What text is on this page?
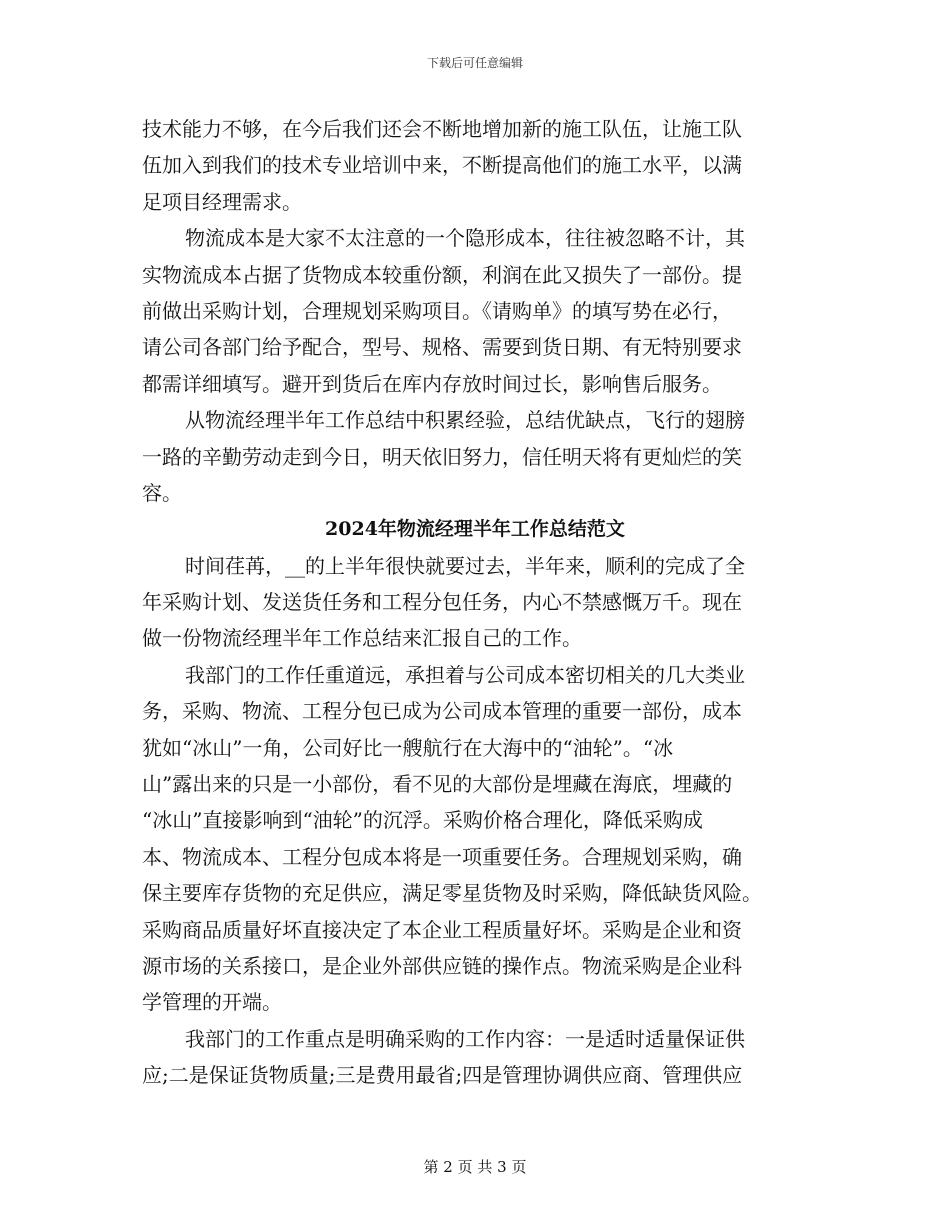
下载后可任意编辑
技术能力不够，在今后我们还会不断地增加新的施工队伍，让施工队
伍加入到我们的技术专业培训中来，不断提高他们的施工水平，以满
足项目经理需求。
物流成本是大家不太注意的一个隐形成本，往往被忽略不计，其
实物流成本占据了货物成本较重份额，利润在此又损失了一部份。提
前做出采购计划，合理规划采购项目。《请购单》的填写势在必行，
请公司各部门给予配合，型号、规格、需要到货日期、有无特别要求
都需详细填写。避开到货后在库内存放时间过长，影响售后服务。
从物流经理半年工作总结中积累经验，总结优缺点，飞行的翅膀
一路的辛勤劳动走到今日，明天依旧努力，信任明天将有更灿烂的笑
容。
2024年物流经理半年工作总结范文
时间荏苒，__的上半年很快就要过去，半年来，顺利的完成了全
年采购计划、发送货任务和工程分包任务，内心不禁感慨万千。现在
做一份物流经理半年工作总结来汇报自己的工作。
我部门的工作任重道远，承担着与公司成本密切相关的几大类业
务，采购、物流、工程分包已成为公司成本管理的重要一部份，成本
犹如“冰山”一角，公司好比一艘航行在大海中的“油轮”。“冰
山”露出来的只是一小部份，看不见的大部份是埋藏在海底，埋藏的
“冰山”直接影响到“油轮”的沉浮。采购价格合理化，降低采购成
本、物流成本、工程分包成本将是一项重要任务。合理规划采购，确
保主要库存货物的充足供应，满足零星货物及时采购，降低缺货风险。
采购商品质量好坏直接决定了本企业工程质量好坏。采购是企业和资
源市场的关系接口，是企业外部供应链的操作点。物流采购是企业科
学管理的开端。
我部门的工作重点是明确采购的工作内容：一是适时适量保证供
应;二是保证货物质量;三是费用最省;四是管理协调供应商、管理供应
第 2 页 共 3 页
